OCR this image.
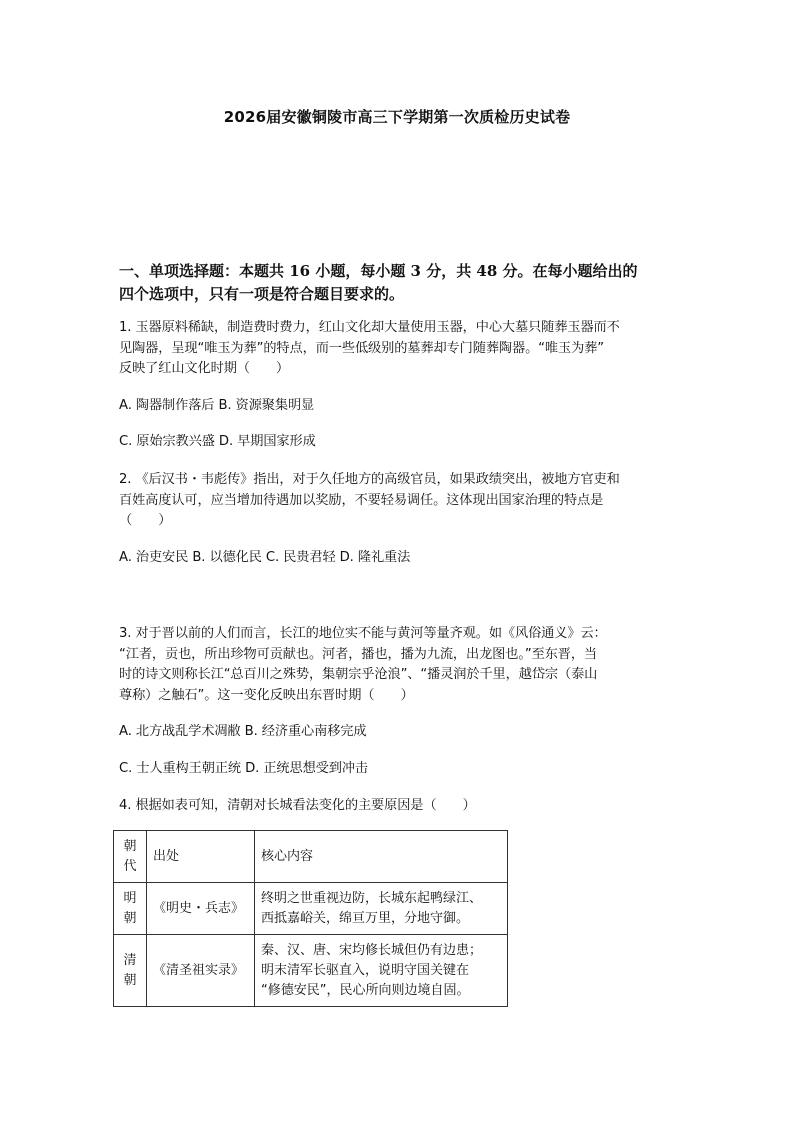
2026届安徽铜陵市高三下学期第一次质检历史试卷
一、单项选择题：本题共 16 小题，每小题 3 分，共 48 分。在每小题给出的
四个选项中，只有一项是符合题目要求的。
1. 玉器原料稀缺，制造费时费力，红山文化却大量使用玉器，中心大墓只随葬玉器而不
见陶器，呈现“唯玉为葬”的特点，而一些低级别的墓葬却专门随葬陶器。“唯玉为葬”
反映了红山文化时期（　　）
A. 陶器制作落后 B. 资源聚集明显
C. 原始宗教兴盛 D. 早期国家形成
2. 《后汉书・韦彪传》指出，对于久任地方的高级官员，如果政绩突出，被地方官吏和
百姓高度认可，应当增加待遇加以奖励，不要轻易调任。这体现出国家治理的特点是
（　　）
A. 治吏安民 B. 以德化民 C. 民贵君轻 D. 隆礼重法
3. 对于晋以前的人们而言，长江的地位实不能与黄河等量齐观。如《风俗通义》云：
“江者，贡也，所出珍物可贡献也。河者，播也，播为九流，出龙图也。”至东晋，当
时的诗文则称长江“总百川之殊势，集朝宗乎沧浪”、“播灵润於千里，越岱宗（泰山
尊称）之触石”。这一变化反映出东晋时期（　　）
A. 北方战乱学术凋敝 B. 经济重心南移完成
C. 士人重构王朝正统 D. 正统思想受到冲击
4. 根据如表可知，清朝对长城看法变化的主要原因是（　　）
朝
代	出处	核心内容

明
朝	《明史・兵志》	终明之世重视边防，长城东起鸭绿江、
西抵嘉峪关，绵亘万里，分地守御。

清
朝	《清圣祖实录》	秦、汉、唐、宋均修长城但仍有边患；
明末清军长驱直入，说明守国关键在
“修德安民”，民心所向则边境自固。
